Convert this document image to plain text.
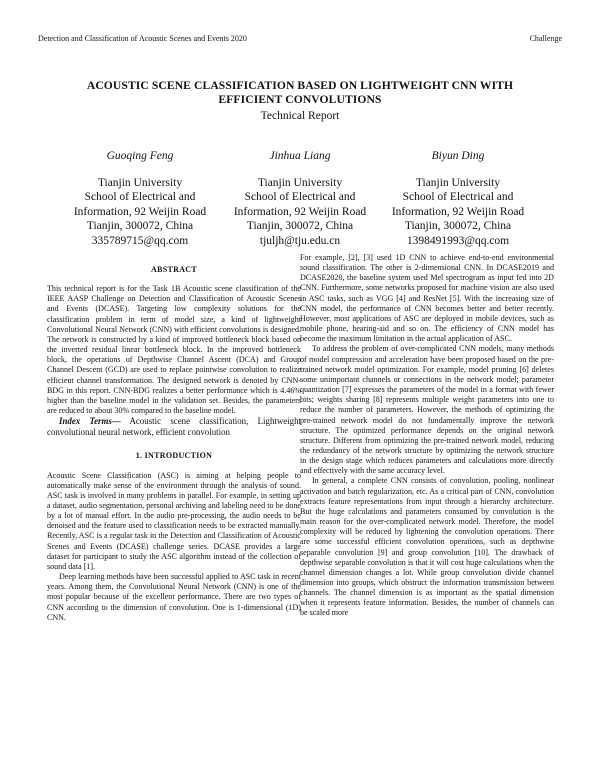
Detection and Classification of Acoustic Scenes and Events 2020	Challenge
ACOUSTIC SCENE CLASSIFICATION BASED ON LIGHTWEIGHT CNN WITH EFFICIENT CONVOLUTIONS
Technical Report
Guoqing Feng
Tianjin University
School of Electrical and
Information, 92 Weijin Road
Tianjin, 300072, China
335789715@qq.com
Jinhua Liang
Tianjin University
School of Electrical and
Information, 92 Weijin Road
Tianjin, 300072, China
tjuljh@tju.edu.cn
Biyun Ding
Tianjin University
School of Electrical and
Information, 92 Weijin Road
Tianjin, 300072, China
1398491993@qq.com
ABSTRACT

This technical report is for the Task 1B Acoustic scene classification of the IEEE AASP Challenge on Detection and Classification of Acoustic Scenes and Events (DCASE). Targeting low complexity solutions for the classification problem in term of model size, a kind of lightweight Convolutional Neural Network (CNN) with efficient convolutions is designed. The network is constructed by a kind of improved bottleneck block based on the inverted residual linear bottleneck block. In the improved bottleneck block, the operations of Depthwise Channel Ascent (DCA) and Group Channel Descent (GCD) are used to replace pointwise convolution to realize efficient channel transformation. The designed network is denoted by CNN-BDG in this report. CNN-BDG realizes a better performance which is 4.46% higher than the baseline model in the validation set. Besides, the parameters are reduced to about 30% compared to the baseline model.

Index Terms— Acoustic scene classification, Lightweight convolutional neural network, efficient convolution

1. INTRODUCTION

Acoustic Scene Classification (ASC) is aiming at helping people to automatically make sense of the environment through the analysis of sound. ASC task is involved in many problems in parallel. For example, in setting up a dataset, audio segmentation, personal archiving and labeling need to be done by a lot of manual effort. In the audio pre-processing, the audio needs to be denoised and the feature used to classification needs to be extracted manually. Recently, ASC is a regular task in the Detection and Classification of Acoustic Scenes and Events (DCASE) challenge series. DCASE provides a large dataset for participant to study the ASC algorithm instead of the collection of sound data [1].

Deep learning methods have been successful applied to ASC task in recent years. Among them, the Convolutional Neural Network (CNN) is one of the most popular because of the excellent performance. There are two types of CNN according to the dimension of convolution. One is 1-dimensional (1D) CNN.

For example, [2], [3] used 1D CNN to achieve end-to-end environmental sound classification. The other is 2-dimensional CNN. In DCASE2019 and DCASE2020, the baseline system used Mel spectrogram as input fed into 2D CNN. Furthermore, some networks proposed for machine vision are also used in ASC tasks, such as VGG [4] and ResNet [5]. With the increasing size of CNN model, the performance of CNN becomes better and better recently. However, most applications of ASC are deployed in mobile devices, such as mobile phone, hearing-aid and so on. The efficiency of CNN model has become the maximum limitation in the actual application of ASC.

To address the problem of over-complicated CNN models, many methods of model compression and acceleration have been proposed based on the pre-trained network model optimization. For example, model pruning [6] deletes some unimportant channels or connections in the network model; parameter quantization [7] expresses the parameters of the model in a format with fewer bits; weights sharing [8] represents multiple weight parameters into one to reduce the number of parameters. However, the methods of optimizing the pre-trained network model do not fundamentally improve the network structure. The optimized performance depends on the original network structure. Different from optimizing the pre-trained network model, reducing the redundancy of the network structure by optimizing the network structure in the design stage which reduces parameters and calculations more directly and effectively with the same accuracy level.

In general, a complete CNN consists of convolution, pooling, nonlinear activation and batch regularization, etc. As a critical part of CNN, convolution extracts feature representations from input through a hierarchy architecture. But the huge calculations and parameters consumed by convolution is the main reason for the over-complicated network model. Therefore, the model complexity will be reduced by lightening the convolution operations. There are some successful efficient convolution operations, such as depthwise separable convolution [9] and group convolution [10]. The drawback of depthwise separable convolution is that it will cost huge calculations when the channel dimension changes a lot. While group convolution divide channel dimension into groups, which obstruct the information transmission between channels. The channel dimension is as important as the spatial dimension when it represents feature information. Besides, the number of channels can be scaled more
